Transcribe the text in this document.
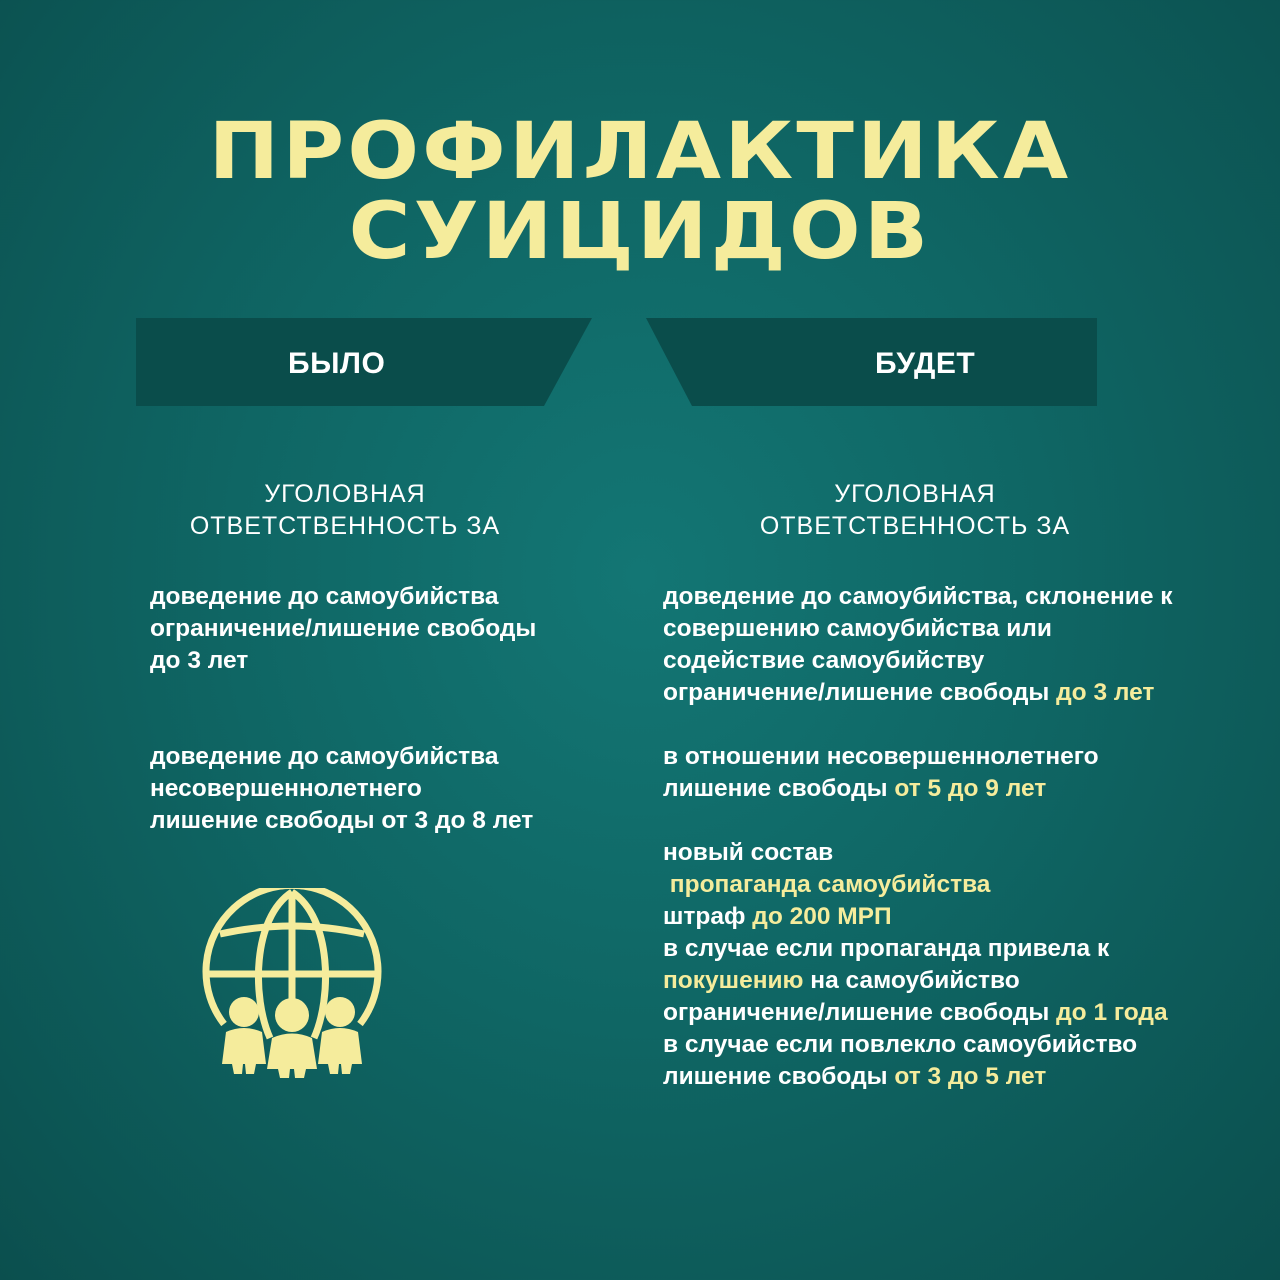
ПРОФИЛАКТИКА
СУИЦИДОВ
БЫЛО	БУДЕТ
УГОЛОВНАЯ
ОТВЕТСТВЕННОСТЬ ЗА
УГОЛОВНАЯ
ОТВЕТСТВЕННОСТЬ ЗА
доведение до самоубийства
ограничение/лишение свободы
до 3 лет
доведение до самоубийства
несовершеннолетнего
лишение свободы от 3 до 8 лет
доведение до самоубийства, склонение к
совершению самоубийства или
содействие самоубийству
ограничение/лишение свободы до 3 лет
в отношении несовершеннолетнего
лишение свободы от 5 до 9 лет
новый состав
пропаганда самоубийства
штраф до 200 МРП
в случае если пропаганда привела к
покушению на самоубийство
ограничение/лишение свободы до 1 года
в случае если повлекло самоубийство
лишение свободы от 3 до 5 лет
